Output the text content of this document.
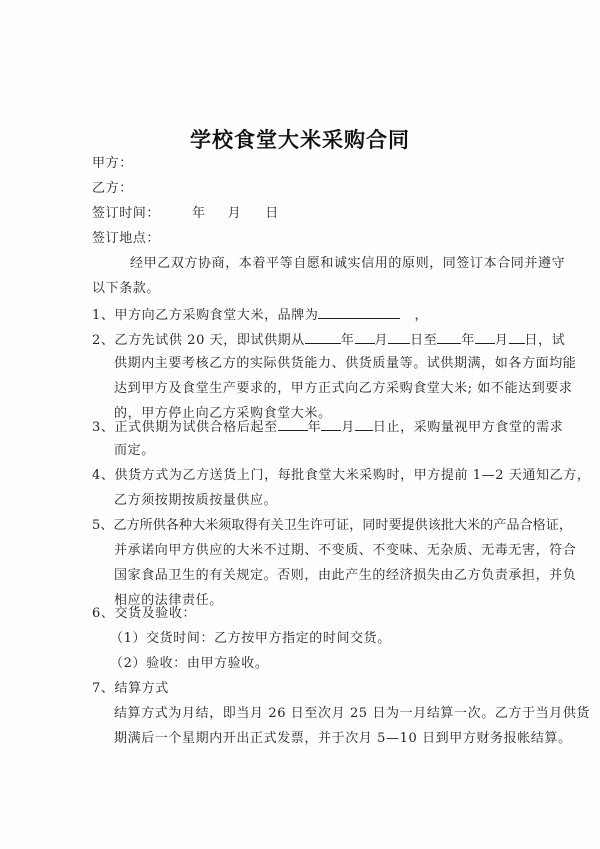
学校食堂大米采购合同
甲方：
乙方：
签订时间： 年 月 日
签订地点：
经甲乙双方协商，本着平等自愿和诚实信用的原则，同签订本合同并遵守
以下条款。
1、甲方向乙方采购食堂大米，品牌为	，
2、乙方先试供 20 天，即试供期从	年 月 日至 年 月 日，试
供期内主要考核乙方的实际供货能力、供货质量等。试供期满，如各方面均能
达到甲方及食堂生产要求的，甲方正式向乙方采购食堂大米; 如不能达到要求
的，甲方停止向乙方采购食堂大米。
3、正式供期为试供合格后起至 年 月 日止，采购量视甲方食堂的需求
而定。
4、供货方式为乙方送货上门，每批食堂大米采购时，甲方提前 1—2 天通知乙方，
乙方须按期按质按量供应。
5、乙方所供各种大米须取得有关卫生许可证，同时要提供该批大米的产品合格证，
并承诺向甲方供应的大米不过期、不变质、不变味、无杂质、无毒无害，符合
国家食品卫生的有关规定。否则，由此产生的经济损失由乙方负责承担，并负
相应的法律责任。
6、交货及验收：
（1）交货时间：乙方按甲方指定的时间交货。
（2）验收：由甲方验收。
7、结算方式
结算方式为月结，即当月 26 日至次月 25 日为一月结算一次。乙方于当月供货
期满后一个星期内开出正式发票，并于次月 5—10 日到甲方财务报帐结算。
